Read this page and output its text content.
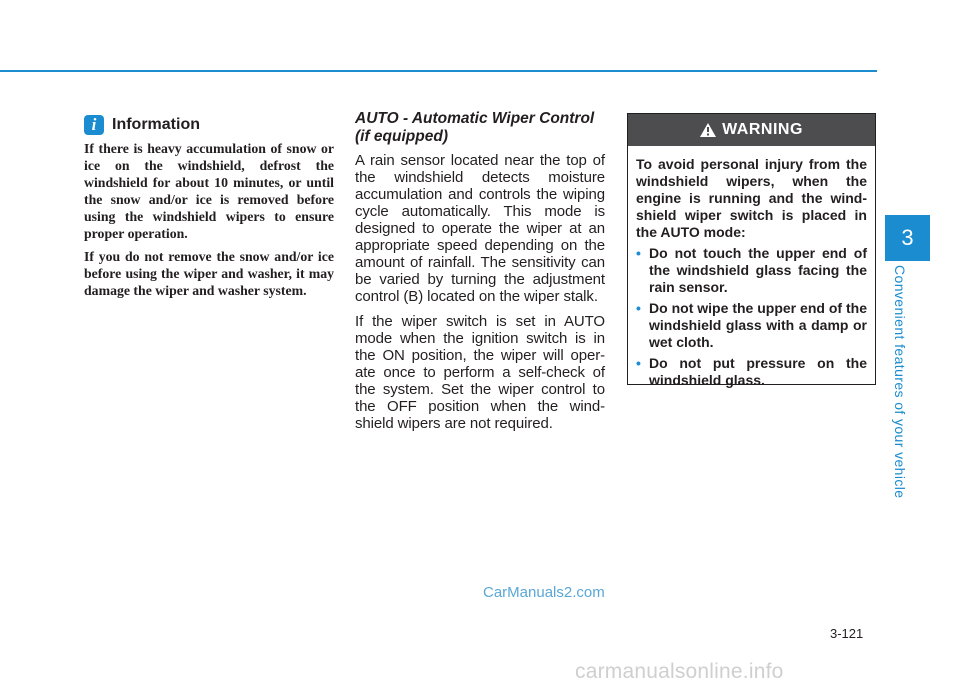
i Information

If there is heavy accumulation of snow or ice on the windshield, defrost the windshield for about 10 minutes, or until the snow and/or ice is removed before using the windshield wipers to ensure proper operation.

If you do not remove the snow and/or ice before using the wiper and washer, it may damage the wiper and washer system.

AUTO - Automatic Wiper Control (if equipped)

A rain sensor located near the top of the windshield detects moisture accumulation and controls the wiping cycle automatically. This mode is designed to operate the wiper at an appropriate speed depending on the amount of rainfall. The sensitivity can be varied by turning the adjustment control (B) located on the wiper stalk.

If the wiper switch is set in AUTO mode when the ignition switch is in the ON position, the wiper will oper-ate once to perform a self-check of the system. Set the wiper control to the OFF position when the wind-shield wipers are not required.

WARNING

To avoid personal injury from the windshield wipers, when the engine is running and the wind-shield wiper switch is placed in the AUTO mode:

• Do not touch the upper end of the windshield glass facing the rain sensor.
• Do not wipe the upper end of the windshield glass with a damp or wet cloth.
• Do not put pressure on the windshield glass.
3
Convenient features of your vehicle
3-121
CarManuals2.com
carmanualsonline.info
